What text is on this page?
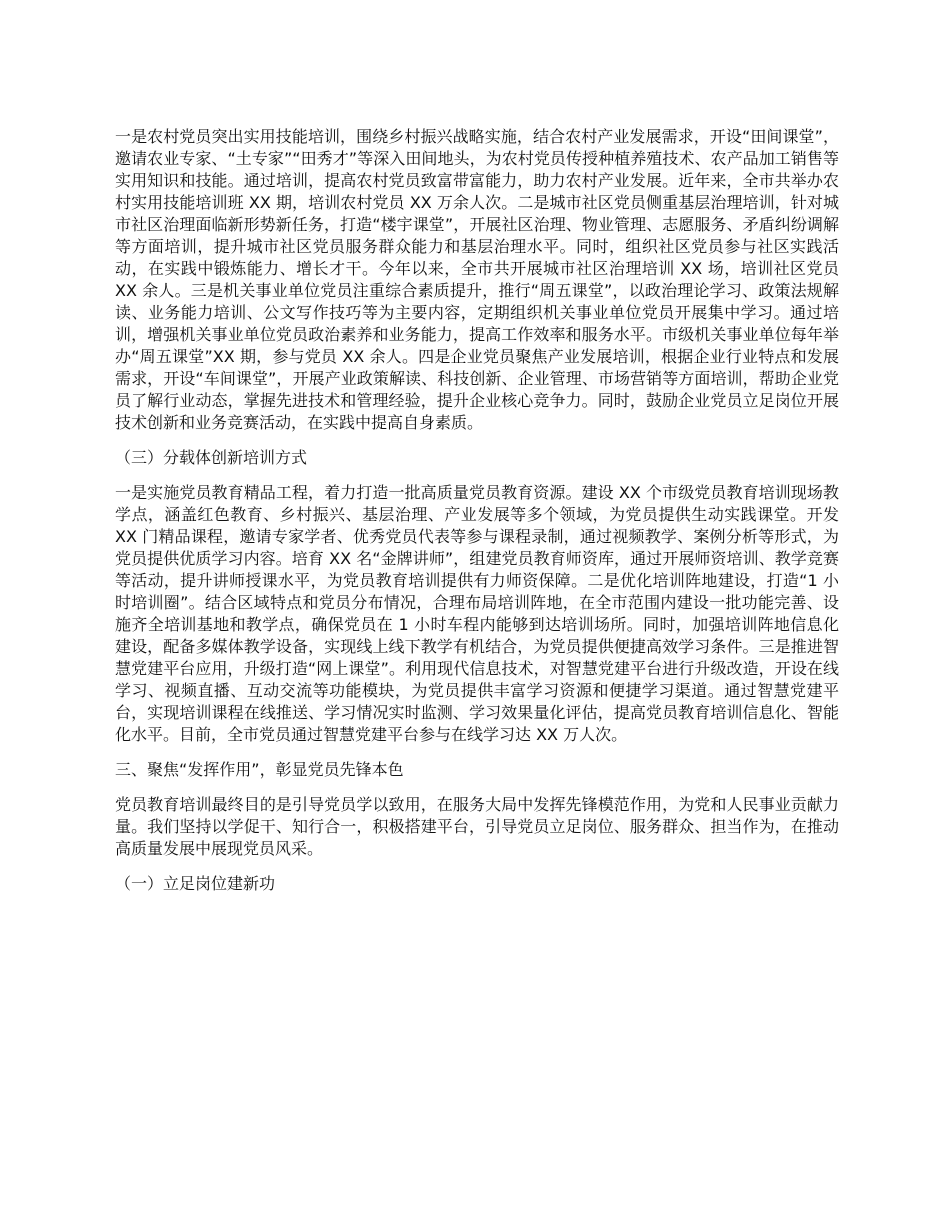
一是农村党员突出实用技能培训，围绕乡村振兴战略实施，结合农村产业发展需求，开设“田间课堂”，邀请农业专家、“土专家”“田秀才”等深入田间地头，为农村党员传授种植养殖技术、农产品加工销售等实用知识和技能。通过培训，提高农村党员致富带富能力，助力农村产业发展。近年来，全市共举办农村实用技能培训班 XX 期，培训农村党员 XX 万余人次。二是城市社区党员侧重基层治理培训，针对城市社区治理面临新形势新任务，打造“楼宇课堂”，开展社区治理、物业管理、志愿服务、矛盾纠纷调解等方面培训，提升城市社区党员服务群众能力和基层治理水平。同时，组织社区党员参与社区实践活动，在实践中锻炼能力、增长才干。今年以来，全市共开展城市社区治理培训 XX 场，培训社区党员 XX 余人。三是机关事业单位党员注重综合素质提升，推行“周五课堂”，以政治理论学习、政策法规解读、业务能力培训、公文写作技巧等为主要内容，定期组织机关事业单位党员开展集中学习。通过培训，增强机关事业单位党员政治素养和业务能力，提高工作效率和服务水平。市级机关事业单位每年举办“周五课堂”XX 期，参与党员 XX 余人。四是企业党员聚焦产业发展培训，根据企业行业特点和发展需求，开设“车间课堂”，开展产业政策解读、科技创新、企业管理、市场营销等方面培训，帮助企业党员了解行业动态，掌握先进技术和管理经验，提升企业核心竞争力。同时，鼓励企业党员立足岗位开展技术创新和业务竞赛活动，在实践中提高自身素质。

（三）分载体创新培训方式

一是实施党员教育精品工程，着力打造一批高质量党员教育资源。建设 XX 个市级党员教育培训现场教学点，涵盖红色教育、乡村振兴、基层治理、产业发展等多个领域，为党员提供生动实践课堂。开发 XX 门精品课程，邀请专家学者、优秀党员代表等参与课程录制，通过视频教学、案例分析等形式，为党员提供优质学习内容。培育 XX 名“金牌讲师”，组建党员教育师资库，通过开展师资培训、教学竞赛等活动，提升讲师授课水平，为党员教育培训提供有力师资保障。二是优化培训阵地建设，打造“1 小时培训圈”。结合区域特点和党员分布情况，合理布局培训阵地，在全市范围内建设一批功能完善、设施齐全培训基地和教学点，确保党员在 1 小时车程内能够到达培训场所。同时，加强培训阵地信息化建设，配备多媒体教学设备，实现线上线下教学有机结合，为党员提供便捷高效学习条件。三是推进智慧党建平台应用，升级打造“网上课堂”。利用现代信息技术，对智慧党建平台进行升级改造，开设在线学习、视频直播、互动交流等功能模块，为党员提供丰富学习资源和便捷学习渠道。通过智慧党建平台，实现培训课程在线推送、学习情况实时监测、学习效果量化评估，提高党员教育培训信息化、智能化水平。目前，全市党员通过智慧党建平台参与在线学习达 XX 万人次。

三、聚焦“发挥作用”，彰显党员先锋本色

党员教育培训最终目的是引导党员学以致用，在服务大局中发挥先锋模范作用，为党和人民事业贡献力量。我们坚持以学促干、知行合一，积极搭建平台，引导党员立足岗位、服务群众、担当作为，在推动高质量发展中展现党员风采。

（一）立足岗位建新功
